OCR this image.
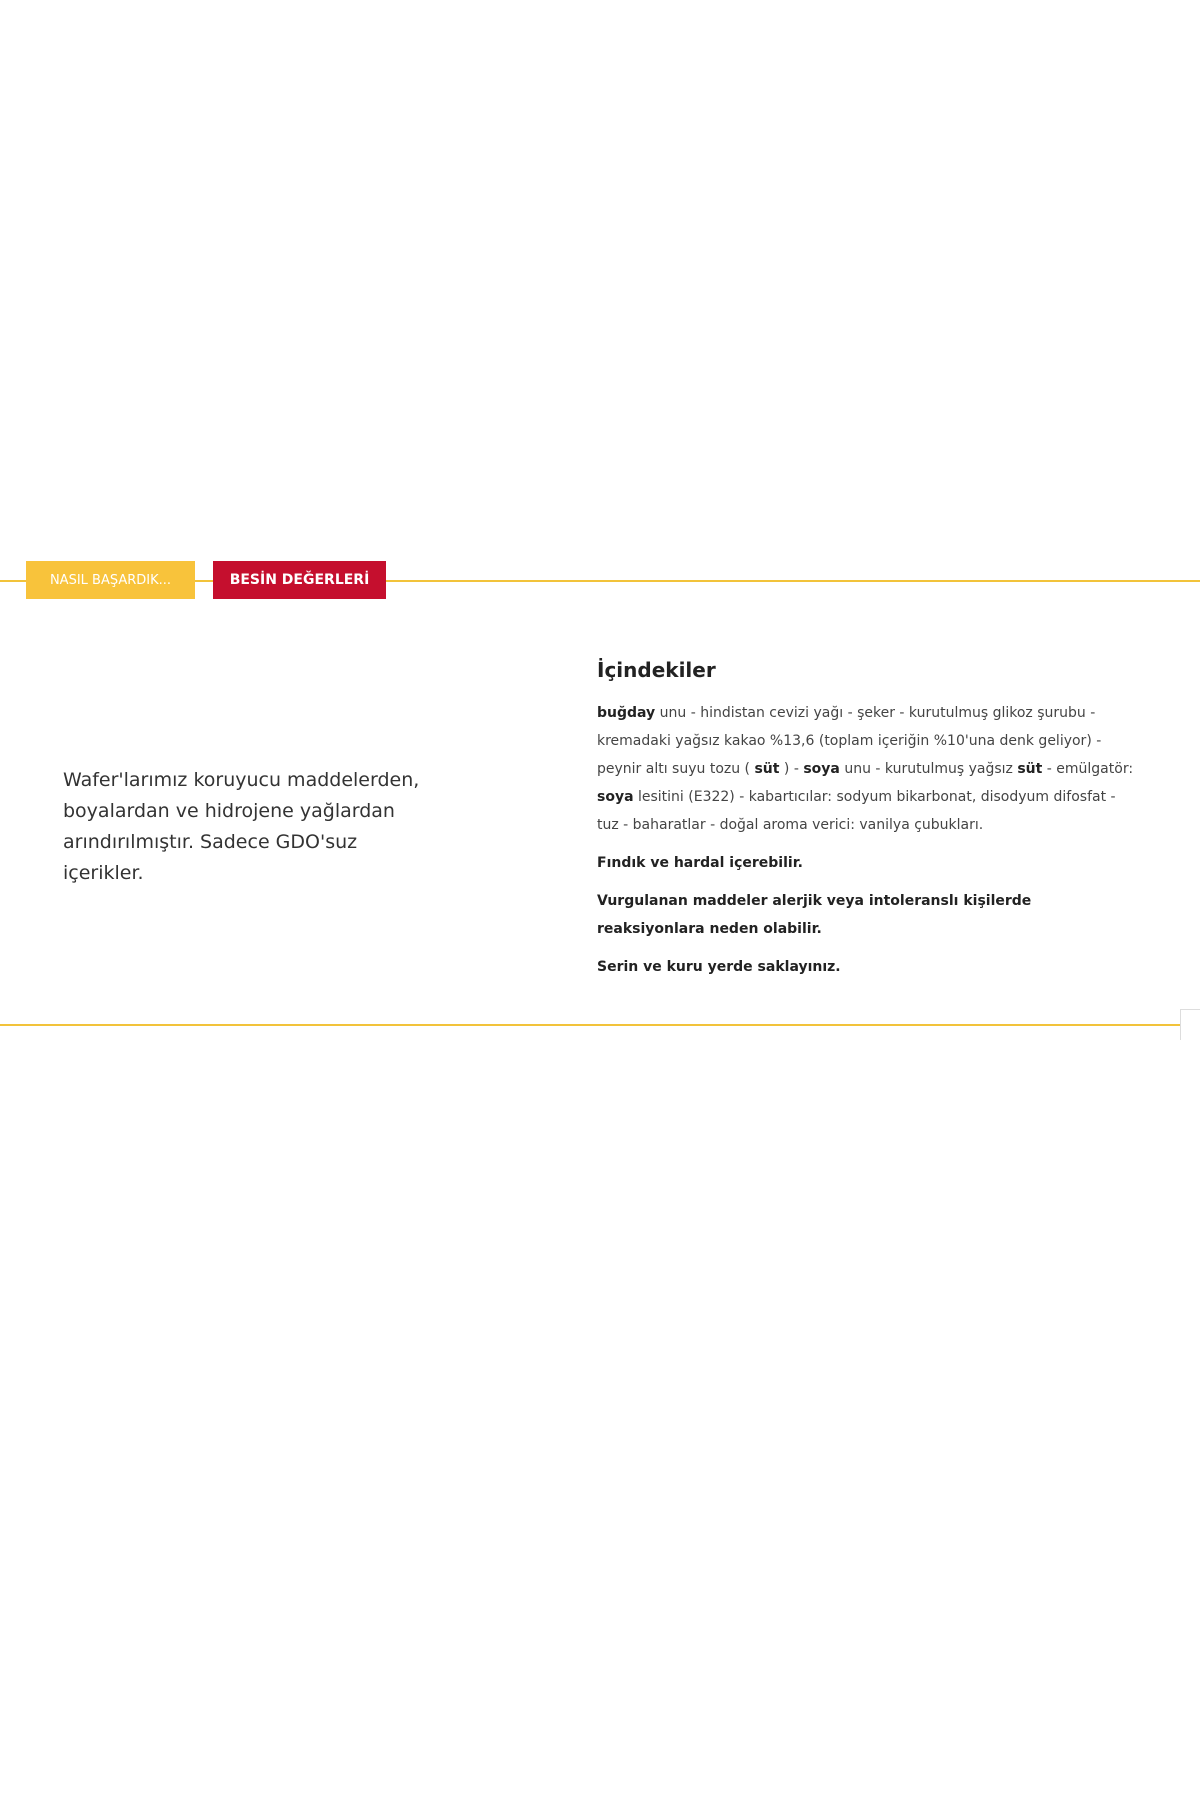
NASIL BAŞARDIK...	BESİN DEĞERLERİ
Wafer'larımız koruyucu maddelerden, boyalardan ve hidrojene yağlardan arındırılmıştır. Sadece GDO'suz içerikler.
İçindekiler

buğday unu - hindistan cevizi yağı - şeker - kurutulmuş glikoz şurubu - kremadaki yağsız kakao %13,6 (toplam içeriğin %10'una denk geliyor) - peynir altı suyu tozu ( süt ) - soya unu - kurutulmuş yağsız süt - emülgatör: soya lesitini (E322) - kabartıcılar: sodyum bikarbonat, disodyum difosfat - tuz - baharatlar - doğal aroma verici: vanilya çubukları.

Fındık ve hardal içerebilir.

Vurgulanan maddeler alerjik veya intoleranslı kişilerde reaksiyonlara neden olabilir.

Serin ve kuru yerde saklayınız.
